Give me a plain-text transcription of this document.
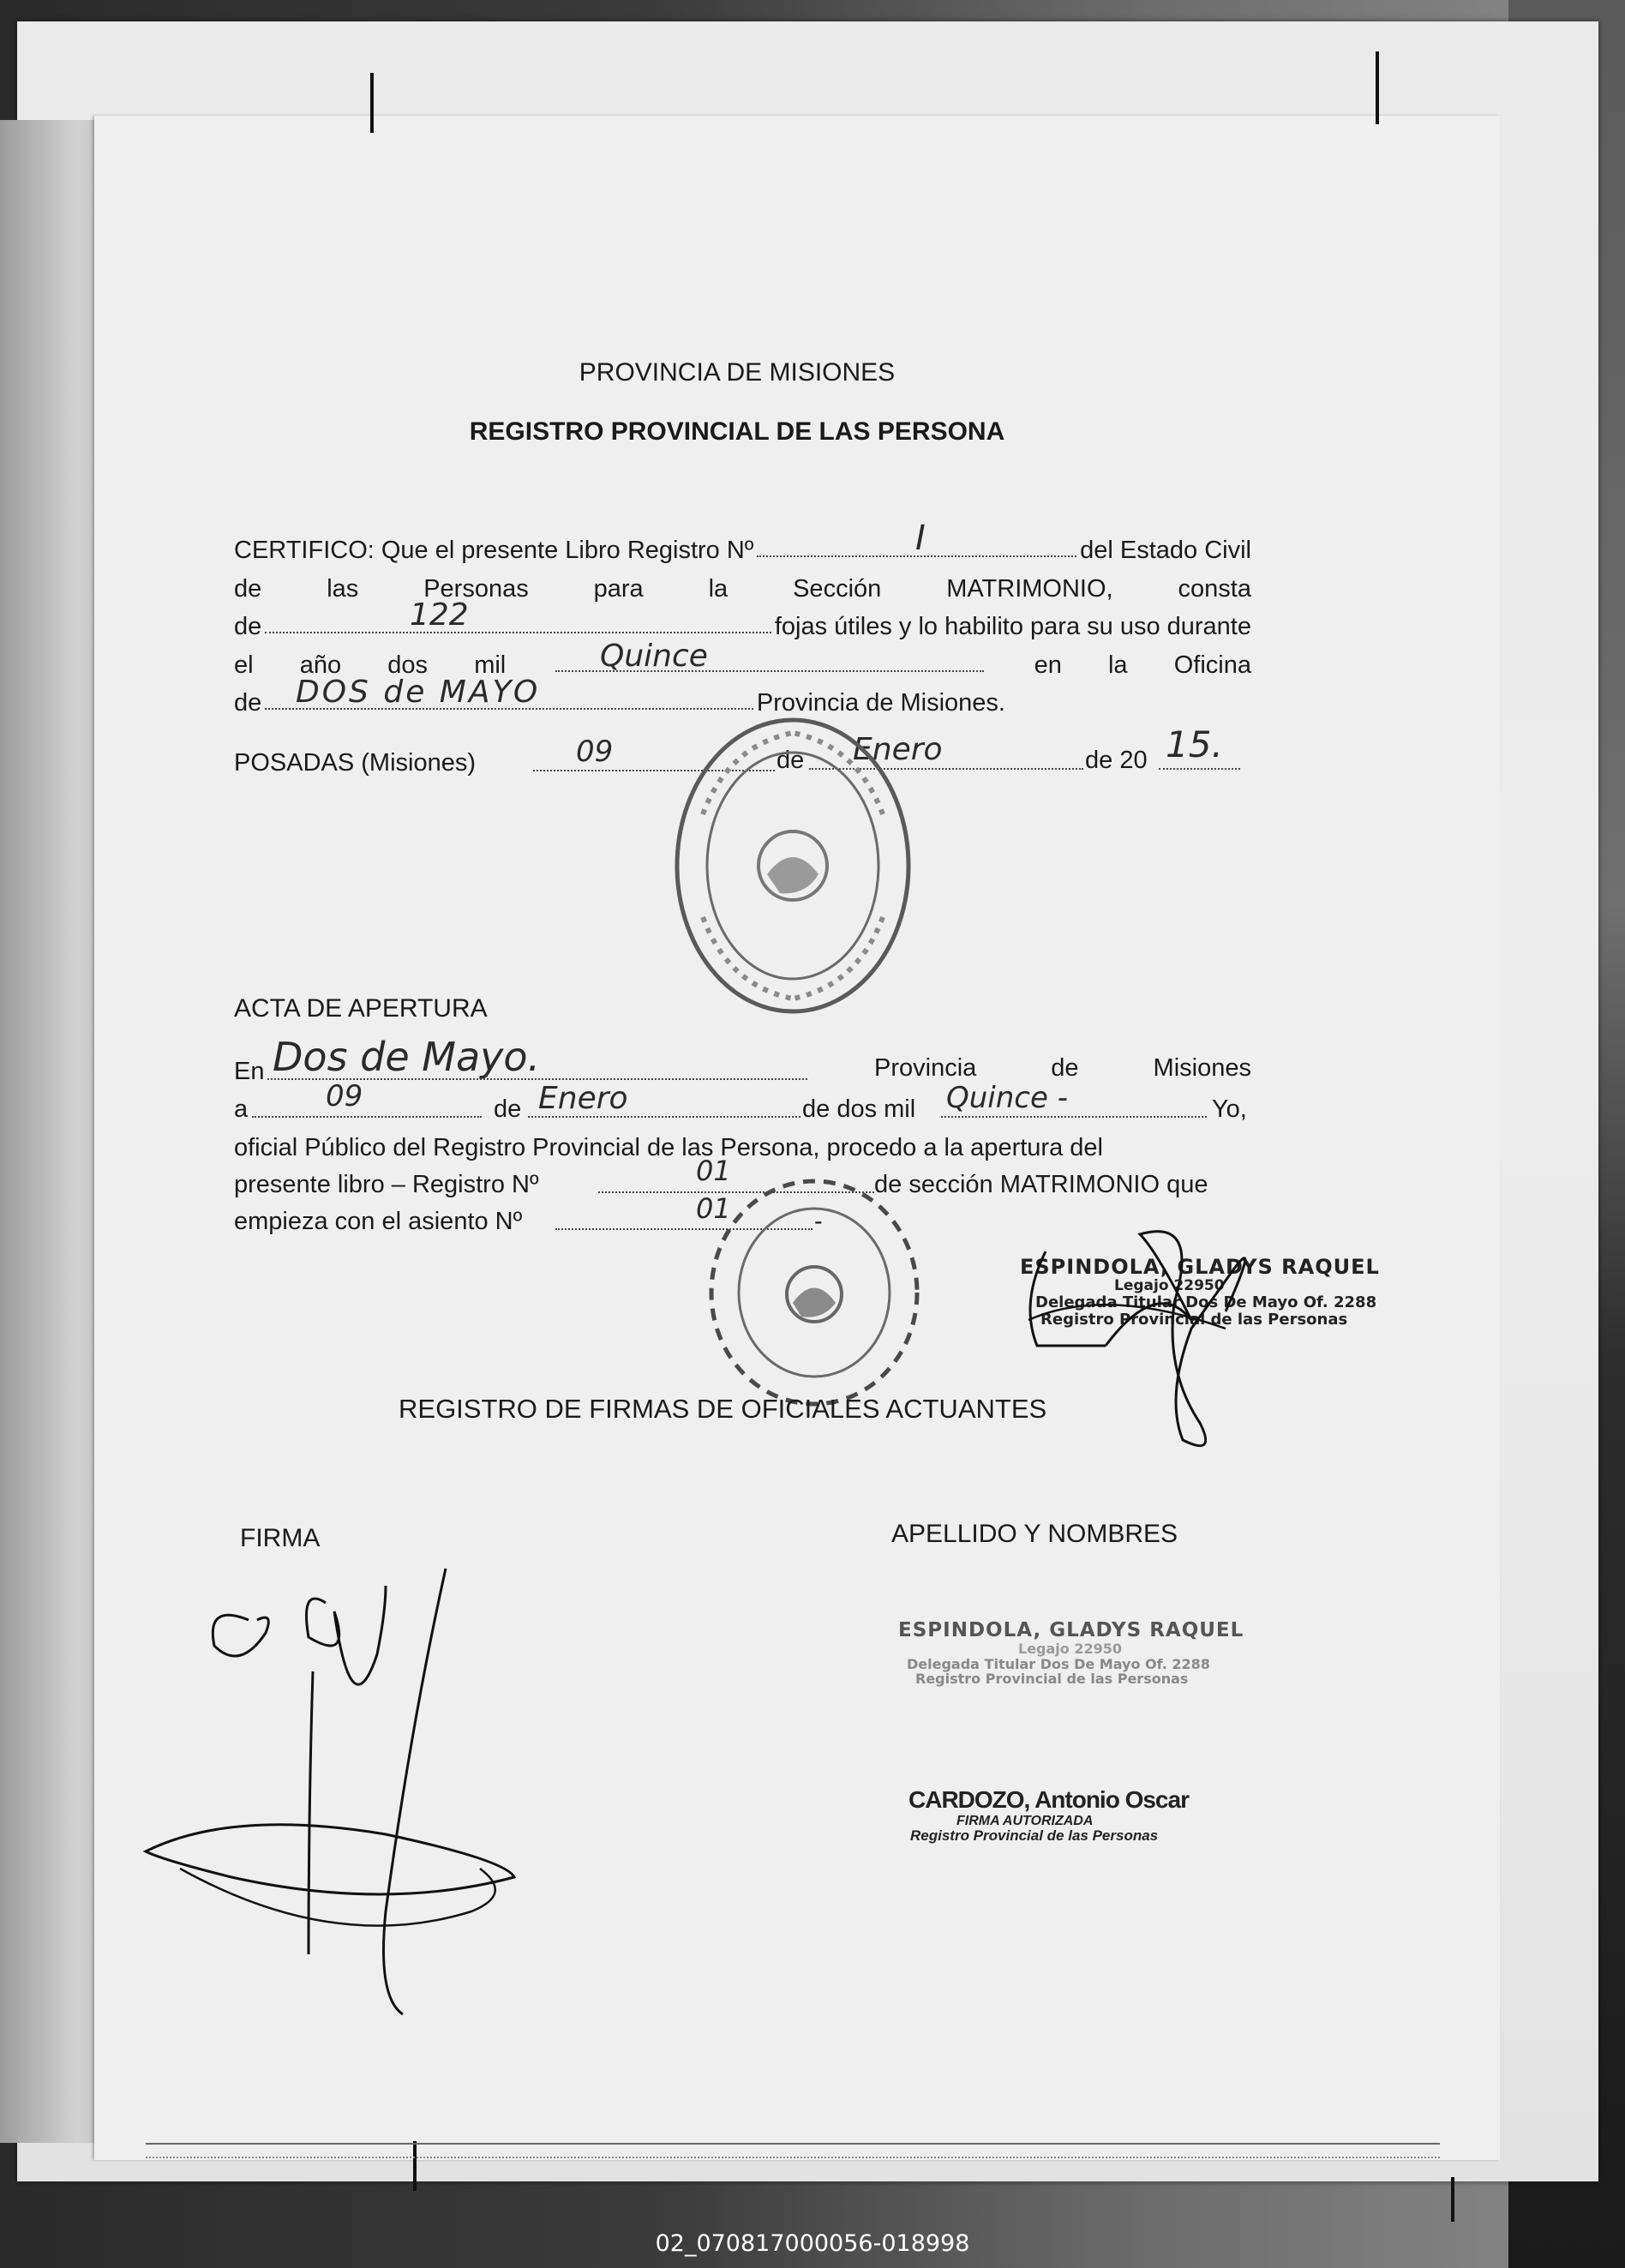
PROVINCIA DE MISIONES
REGISTRO PROVINCIAL DE LAS PERSONA
CERTIFICO: Que el presente Libro Registro Nº	del Estado Civil
de	las	Personas	para	la	Sección	MATRIMONIO,	consta
de	fojas útiles y lo habilito para su uso durante
el año dos mil	en la Oficina
de	Provincia de Misiones.
I
122
Quince
DOS de MAYO
POSADAS (Misiones)	de	de 20
09	Enero	15.
ACTA DE APERTURA
En	Provincia	de	Misiones
Dos de Mayo.
a	de	de dos mil	Yo,
09	Enero	Quince -
oficial Público del Registro Provincial de las Persona, procedo a la apertura del
presente libro – Registro Nº	de sección MATRIMONIO que
01
empieza con el asiento Nº	-
01
ESPINDOLA, GLADYS RAQUEL
Legajo 22950
Delegada Titular Dos De Mayo Of. 2288
Registro Provincial de las Personas
REGISTRO DE FIRMAS DE OFICIALES ACTUANTES
FIRMA	APELLIDO Y NOMBRES
ESPINDOLA, GLADYS RAQUEL
Legajo 22950
Delegada Titular Dos De Mayo Of. 2288
Registro Provincial de las Personas
CARDOZO, Antonio Oscar
FIRMA AUTORIZADA
Registro Provincial de las Personas
02_070817000056-018998
